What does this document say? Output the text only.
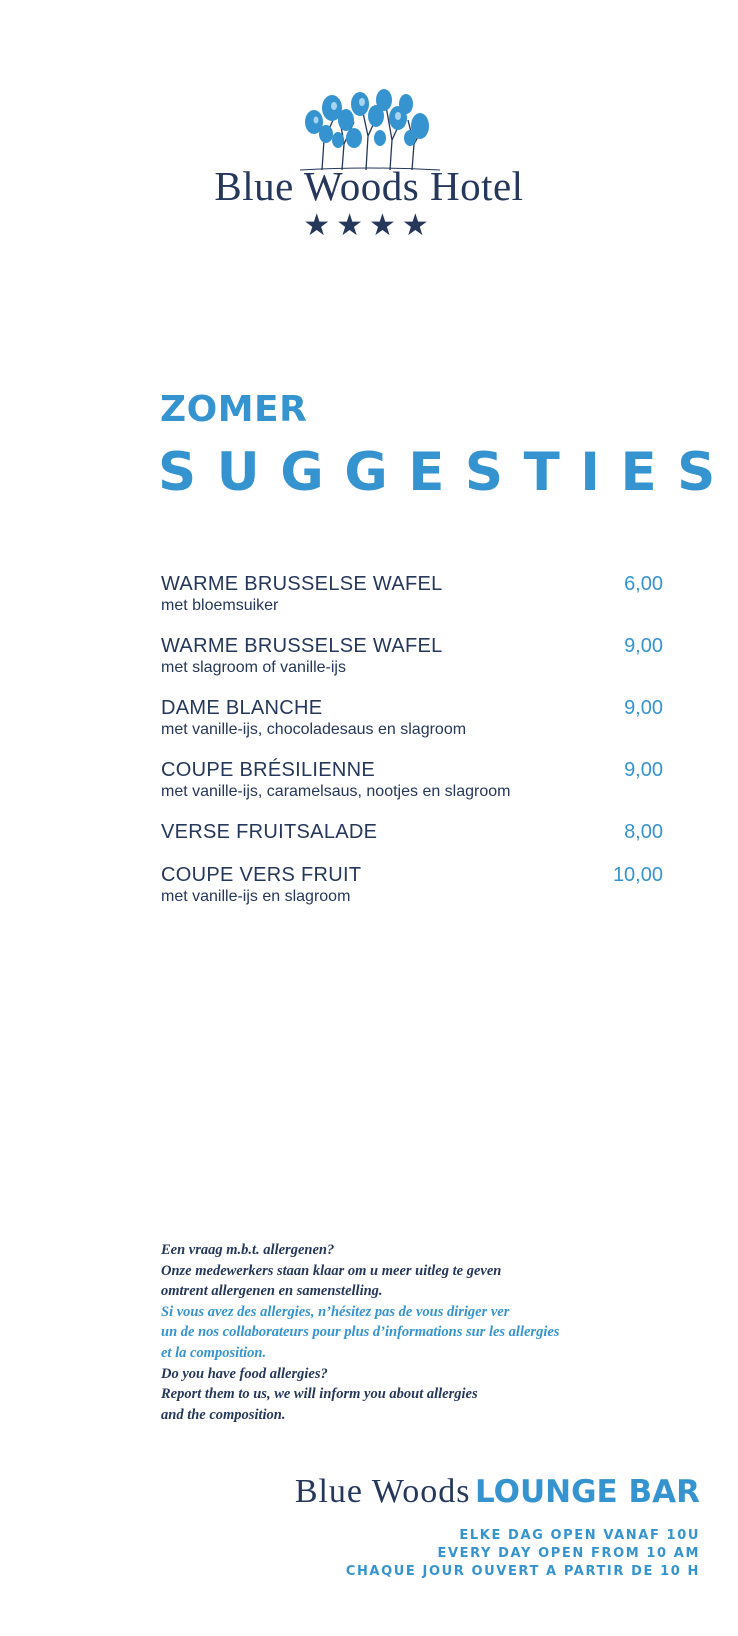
Blue Woods Hotel
★★★★
ZOMER
SUGGESTIES
WARME BRUSSELSE WAFEL
met bloemsuiker
6,00
WARME BRUSSELSE WAFEL
met slagroom of vanille-ijs
9,00
DAME BLANCHE
met vanille-ijs, chocoladesaus en slagroom
9,00
COUPE BRÉSILIENNE
met vanille-ijs, caramelsaus, nootjes en slagroom
9,00
VERSE FRUITSALADE	8,00
COUPE VERS FRUIT
met vanille-ijs en slagroom
10,00
Een vraag m.b.t. allergenen?
Onze medewerkers staan klaar om u meer uitleg te geven
omtrent allergenen en samenstelling.
Si vous avez des allergies, n’hésitez pas de vous diriger ver
un de nos collaborateurs pour plus d’informations sur les allergies
et la composition.
Do you have food allergies?
Report them to us, we will inform you about allergies
and the composition.
Blue Woods LOUNGE BAR
ELKE DAG OPEN VANAF 10U
EVERY DAY OPEN FROM 10 AM
CHAQUE JOUR OUVERT A PARTIR DE 10 H
